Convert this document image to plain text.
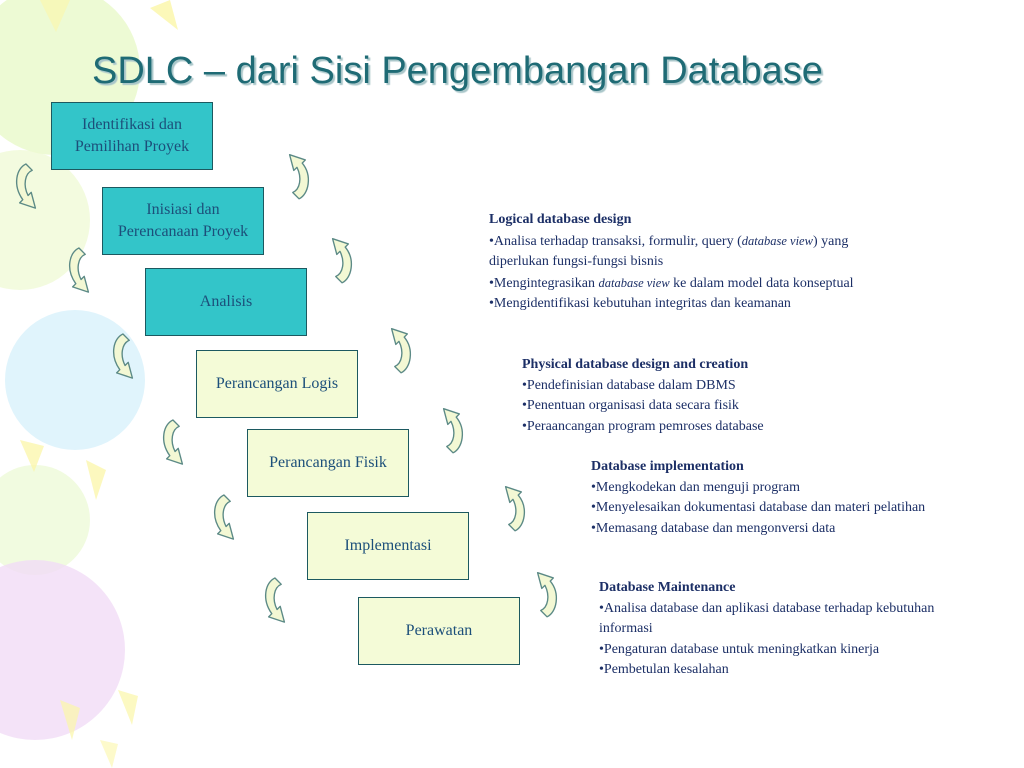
SDLC – dari Sisi Pengembangan Database
Identifikasi dan
Pemilihan Proyek
Inisiasi dan
Perencanaan Proyek
Analisis
Perancangan Logis
Perancangan Fisik
Implementasi
Perawatan
Logical database design
•Analisa terhadap transaksi, formulir, query (database view) yang
diperlukan fungsi-fungsi bisnis
•Mengintegrasikan database view ke dalam model data konseptual
•Mengidentifikasi kebutuhan integritas dan keamanan
Physical database design and creation
•Pendefinisian database dalam DBMS
•Penentuan organisasi data secara fisik
•Peraancangan program pemroses database
Database implementation
•Mengkodekan dan menguji program
•Menyelesaikan dokumentasi database dan materi pelatihan
•Memasang database dan mengonversi data
Database Maintenance
•Analisa database dan aplikasi database terhadap kebutuhan
informasi
•Pengaturan database untuk meningkatkan kinerja
•Pembetulan kesalahan
